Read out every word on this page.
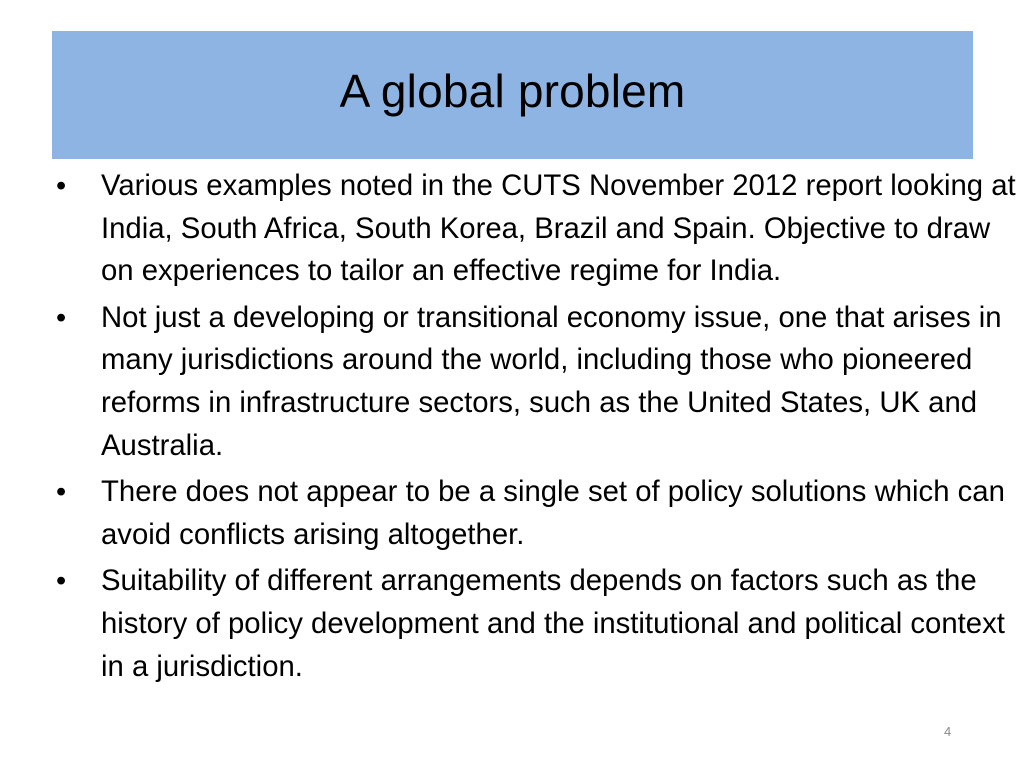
A global problem
•	Various examples noted in the CUTS November 2012 report looking at India, South Africa, South Korea, Brazil and Spain. Objective to draw on experiences to tailor an effective regime for India.
•	Not just a developing or transitional economy issue, one that arises in many jurisdictions around the world, including those who pioneered reforms in infrastructure sectors, such as the United States, UK and Australia.
•	There does not appear to be a single set of policy solutions which can avoid conflicts arising altogether.
•	Suitability of different arrangements depends on factors such as the history of policy development and the institutional and political context in a jurisdiction.
4
